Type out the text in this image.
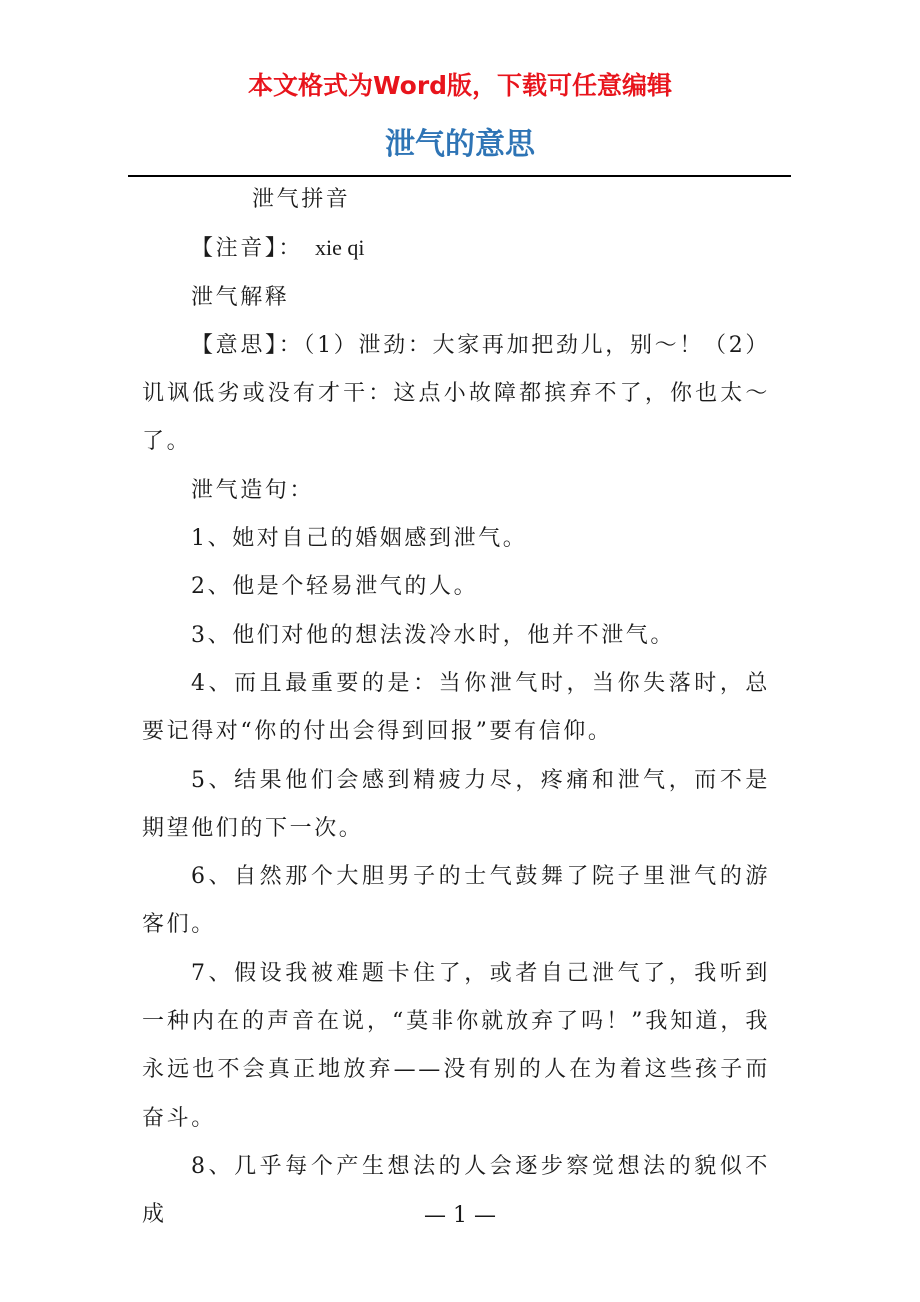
本文格式为Word版，下载可任意编辑
泄气的意思

泄气拼音

【注音】： xie qi

泄气解释

【意思】：（1）泄劲：大家再加把劲儿，别～！（2）讥讽低劣或没有才干：这点小故障都摈弃不了，你也太～了。

泄气造句：

1、她对自己的婚姻感到泄气。

2、他是个轻易泄气的人。

3、他们对他的想法泼冷水时，他并不泄气。

4、而且最重要的是：当你泄气时，当你失落时，总要记得对“你的付出会得到回报”要有信仰。

5、结果他们会感到精疲力尽，疼痛和泄气，而不是期望他们的下一次。

6、自然那个大胆男子的士气鼓舞了院子里泄气的游客们。

7、假设我被难题卡住了，或者自己泄气了，我听到一种内在的声音在说，“莫非你就放弃了吗！”我知道，我永远也不会真正地放弃——没有别的人在为着这些孩子而奋斗。

8、几乎每个产生想法的人会逐步察觉想法的貌似不成	— 1 —
